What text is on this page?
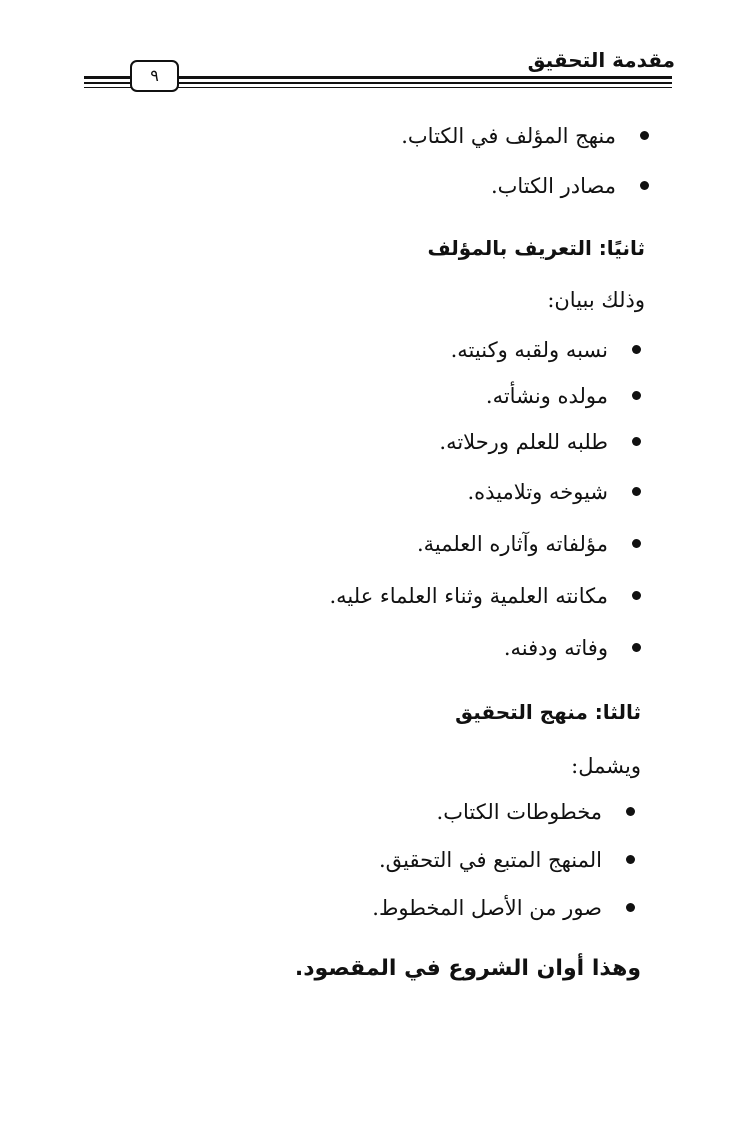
مقدمة التحقيق
٩
منهج المؤلف في الكتاب.
مصادر الكتاب.
ثانيًا: التعريف بالمؤلف
وذلك ببيان:
نسبه ولقبه وكنيته.
مولده ونشأته.
طلبه للعلم ورحلاته.
شيوخه وتلاميذه.
مؤلفاته وآثاره العلمية.
مكانته العلمية وثناء العلماء عليه.
وفاته ودفنه.
ثالثا: منهج التحقيق
ويشمل:
مخطوطات الكتاب.
المنهج المتبع في التحقيق.
صور من الأصل المخطوط.
وهذا أوان الشروع في المقصود.
